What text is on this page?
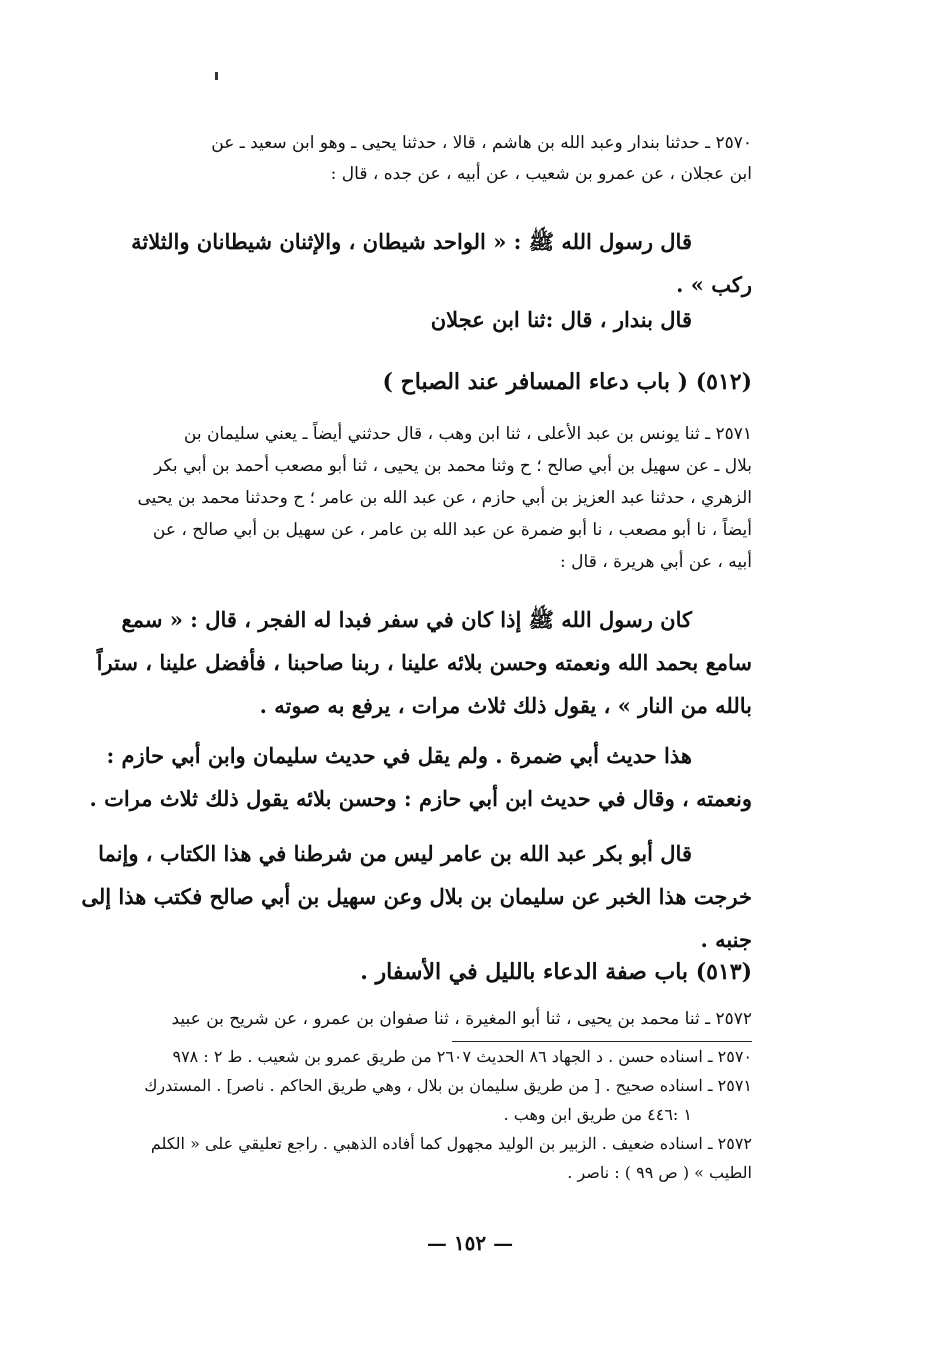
٢٥٧٠ ـ حدثنا بندار وعبد الله بن هاشم ، قالا ، حدثنا يحيى ـ وهو ابن سعيد ـ عن
ابن عجلان ، عن عمرو بن شعيب ، عن أبيه ، عن جده ، قال :
قال رسول الله ﷺ : « الواحد شيطان ، والإثنان شيطانان والثلاثة
ركب » .
قال بندار ، قال :ثنا ابن عجلان
(٥١٢) ( باب دعاء المسافر عند الصباح )
٢٥٧١ ـ ثنا يونس بن عبد الأعلى ، ثنا ابن وهب ، قال حدثني أيضاً ـ يعني سليمان بن
بلال ـ عن سهيل بن أبي صالح ؛ ح وثنا محمد بن يحيى ، ثنا أبو مصعب أحمد بن أبي بكر
الزهري ، حدثنا عبد العزيز بن أبي حازم ، عن عبد الله بن عامر ؛ ح وحدثنا محمد بن يحيى
أيضاً ، نا أبو مصعب ، نا أبو ضمرة عن عبد الله بن عامر ، عن سهيل بن أبي صالح ، عن
أبيه ، عن أبي هريرة ، قال :
كان رسول الله ﷺ إذا كان في سفر فبدا له الفجر ، قال : « سمع
سامع بحمد الله ونعمته وحسن بلائه علينا ، ربنا صاحبنا ، فأفضل علينا ، ستراً
بالله من النار » ، يقول ذلك ثلاث مرات ، يرفع به صوته .
هذا حديث أبي ضمرة . ولم يقل في حديث سليمان وابن أبي حازم :
ونعمته ، وقال في حديث ابن أبي حازم : وحسن بلائه يقول ذلك ثلاث مرات .
قال أبو بكر عبد الله بن عامر ليس من شرطنا في هذا الكتاب ، وإنما
خرجت هذا الخبر عن سليمان بن بلال وعن سهيل بن أبي صالح فكتب هذا إلى
جنبه .
(٥١٣) باب صفة الدعاء بالليل في الأسفار .
٢٥٧٢ ـ ثنا محمد بن يحيى ، ثنا أبو المغيرة ، ثنا صفوان بن عمرو ، عن شريح بن عبيد
٢٥٧٠ ـ اسناده حسن . د الجهاد ٨٦ الحديث ٢٦٠٧ من طريق عمرو بن شعيب . ط ٢ : ٩٧٨
٢٥٧١ ـ اسناده صحيح . [ من طريق سليمان بن بلال ، وهي طريق الحاكم . ناصر] . المستدرك
١ :٤٤٦ من طريق ابن وهب .
٢٥٧٢ ـ اسناده ضعيف . الزبير بن الوليد مجهول كما أفاده الذهبي . راجع تعليقي على « الكلم
الطيب » ( ص ٩٩ ) : ناصر .
— ١٥٢ —
